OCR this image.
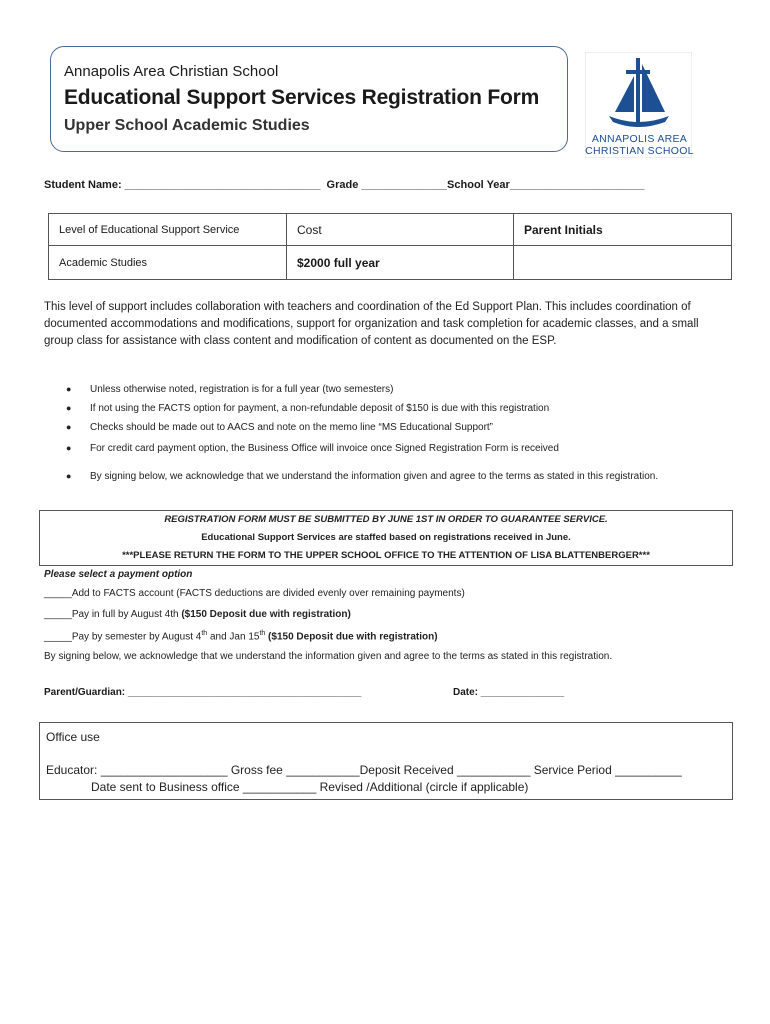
Annapolis Area Christian School
Educational Support Services Registration Form
Upper School Academic Studies
ANNAPOLIS AREA
CHRISTIAN SCHOOL
Student Name: ________________________________  Grade ______________School Year______________________
Level of Educational Support Service	Cost	Parent Initials
Academic Studies	$2000 full year	
This level of support includes collaboration with teachers and coordination of the Ed Support Plan. This includes coordination of documented accommodations and modifications, support for organization and task completion for academic classes, and a small group class for assistance with class content and modification of content as documented on the ESP.
● Unless otherwise noted, registration is for a full year (two semesters)
● If not using the FACTS option for payment, a non-refundable deposit of $150 is due with this registration
● Checks should be made out to AACS and note on the memo line “MS Educational Support”
● For credit card payment option, the Business Office will invoice once Signed Registration Form is received
● By signing below, we acknowledge that we understand the information given and agree to the terms as stated in this registration.
REGISTRATION FORM MUST BE SUBMITTED BY JUNE 1ST IN ORDER TO GUARANTEE SERVICE.
Educational Support Services are staffed based on registrations received in June.
***PLEASE RETURN THE FORM TO THE UPPER SCHOOL OFFICE TO THE ATTENTION OF LISA BLATTENBERGER***
Please select a payment option
_____Add to FACTS account (FACTS deductions are divided evenly over remaining payments)
_____Pay in full by August 4th ($150 Deposit due with registration)
_____Pay by semester by August 4th and Jan 15th ($150 Deposit due with registration)
By signing below, we acknowledge that we understand the information given and agree to the terms as stated in this registration.
Parent/Guardian: __________________________________________	Date: _______________
Office use
Educator: ___________________ Gross fee ___________Deposit Received ___________ Service Period __________
Date sent to Business office ___________ Revised /Additional (circle if applicable)
